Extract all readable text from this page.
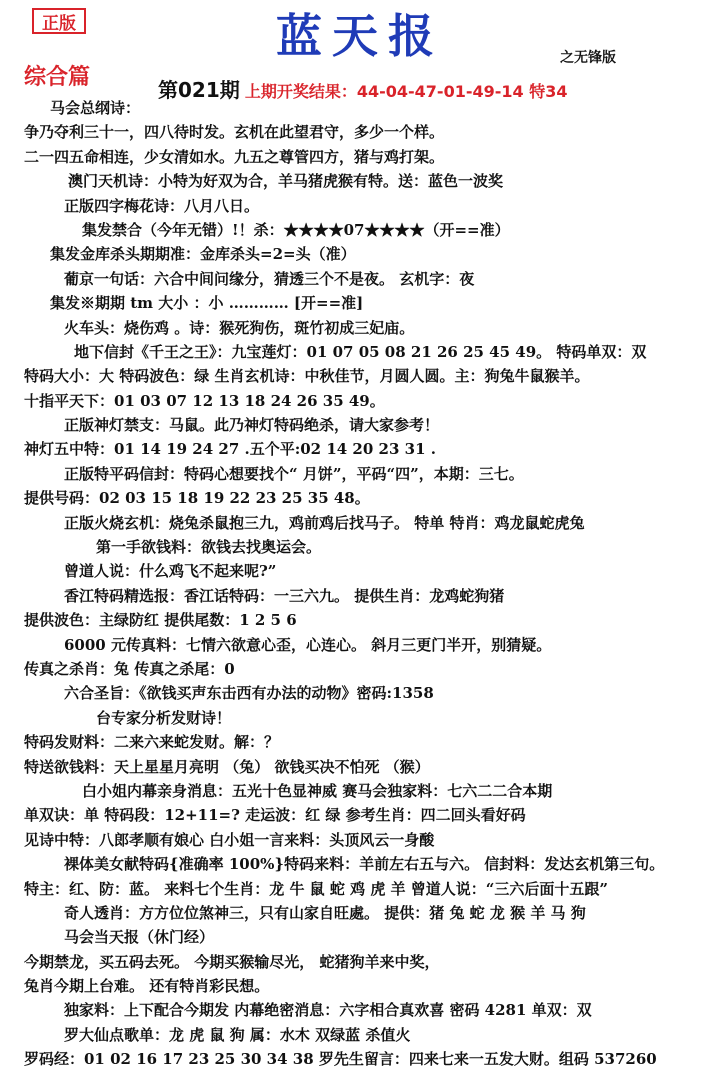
正版	蓝天报	之无锋版
综合篇	第021期 上期开奖结果：44-04-47-01-49-14 特34
马会总纲诗：
争乃夺利三十一，四八待时发。玄机在此望君守，多少一个样。
二一四五命相连，少女清如水。九五之尊管四方，猪与鸡打架。
澳门天机诗：小特为好双为合，羊马猪虎猴有特。送：蓝色一波奖
正版四字梅花诗：八月八日。
集发禁合（今年无错）!！杀：★★★★07★★★★（开==准）
集发金库杀头期期准：金库杀头=2=头（准）
葡京一句话：六合中间问缘分，猜透三个不是夜。 玄机字：夜
集发※期期 tm 大小 ：小 ………… [开==准]
火车头：烧伤鸡 。诗：猴死狗伤，斑竹初成三妃庙。
地下信封《千王之王》：九宝莲灯：01 07 05 08 21 26 25 45 49。 特码单双：双
特码大小：大 特码波色：绿 生肖玄机诗：中秋佳节，月圆人圆。主：狗兔牛鼠猴羊。
十指平天下：01 03 07 12 13 18 24 26 35 49。
正版神灯禁支：马鼠。此乃神灯特码绝杀，请大家参考！
神灯五中特：01 14 19 24 27 .五个平:02 14 20 23 31 .
正版特平码信封：特码心想要找个“ 月饼”，平码“四”，本期：三七。
提供号码：02 03 15 18 19 22 23 25 35 48。
正版火烧玄机：烧兔杀鼠抱三九，鸡前鸡后找马子。 特单 特肖：鸡龙鼠蛇虎兔
第一手欲钱料：欲钱去找奥运会。
曾道人说：什么鸡飞不起来呢?”
香江特码精选报：香江话特码：一三六九。 提供生肖：龙鸡蛇狗猪
提供波色：主绿防红 提供尾数：1 2 5 6
6000 元传真料：七情六欲意心歪，心连心。 斜月三更门半开，别猜疑。
传真之杀肖：兔 传真之杀尾：0
六合圣旨：《欲钱买声东击西有办法的动物》密码:1358
台专家分析发财诗！
特码发财料：二来六来蛇发财。解：？
特送欲钱料：天上星星月亮明 （兔） 欲钱买决不怕死 （猴）
白小姐内幕亲身消息：五光十色显神威 赛马会独家料：七六二二合本期
单双诀：单 特码段：12+11=? 走运波：红 绿 参考生肖：四二回头看好码
见诗中特：八郎孝顺有娘心 白小姐一言来料：头顶风云一身酸
裸体美女献特码{准确率 100%}特码来料：羊前左右五与六。 信封料：发达玄机第三句。
特主：红、防：蓝。 来料七个生肖：龙 牛 鼠 蛇 鸡 虎 羊 曾道人说：“三六后面十五跟”
奇人透肖：方方位位煞神三，只有山家自旺處。 提供：猪 兔 蛇 龙 猴 羊 马 狗
马会当天报（休门经）
今期禁龙，买五码去死。 今期买猴输尽光， 蛇猪狗羊来中奖，
兔肖今期上台难。 还有特肖彩民想。
独家料：上下配合今期发 内幕绝密消息：六字相合真欢喜 密码 4281 单双：双
罗大仙点歌单：龙 虎 鼠 狗 属：水木 双绿蓝 杀值火
罗码经：01 02 16 17 23 25 30 34 38 罗先生留言：四来七来一五发大财。组码 537260
